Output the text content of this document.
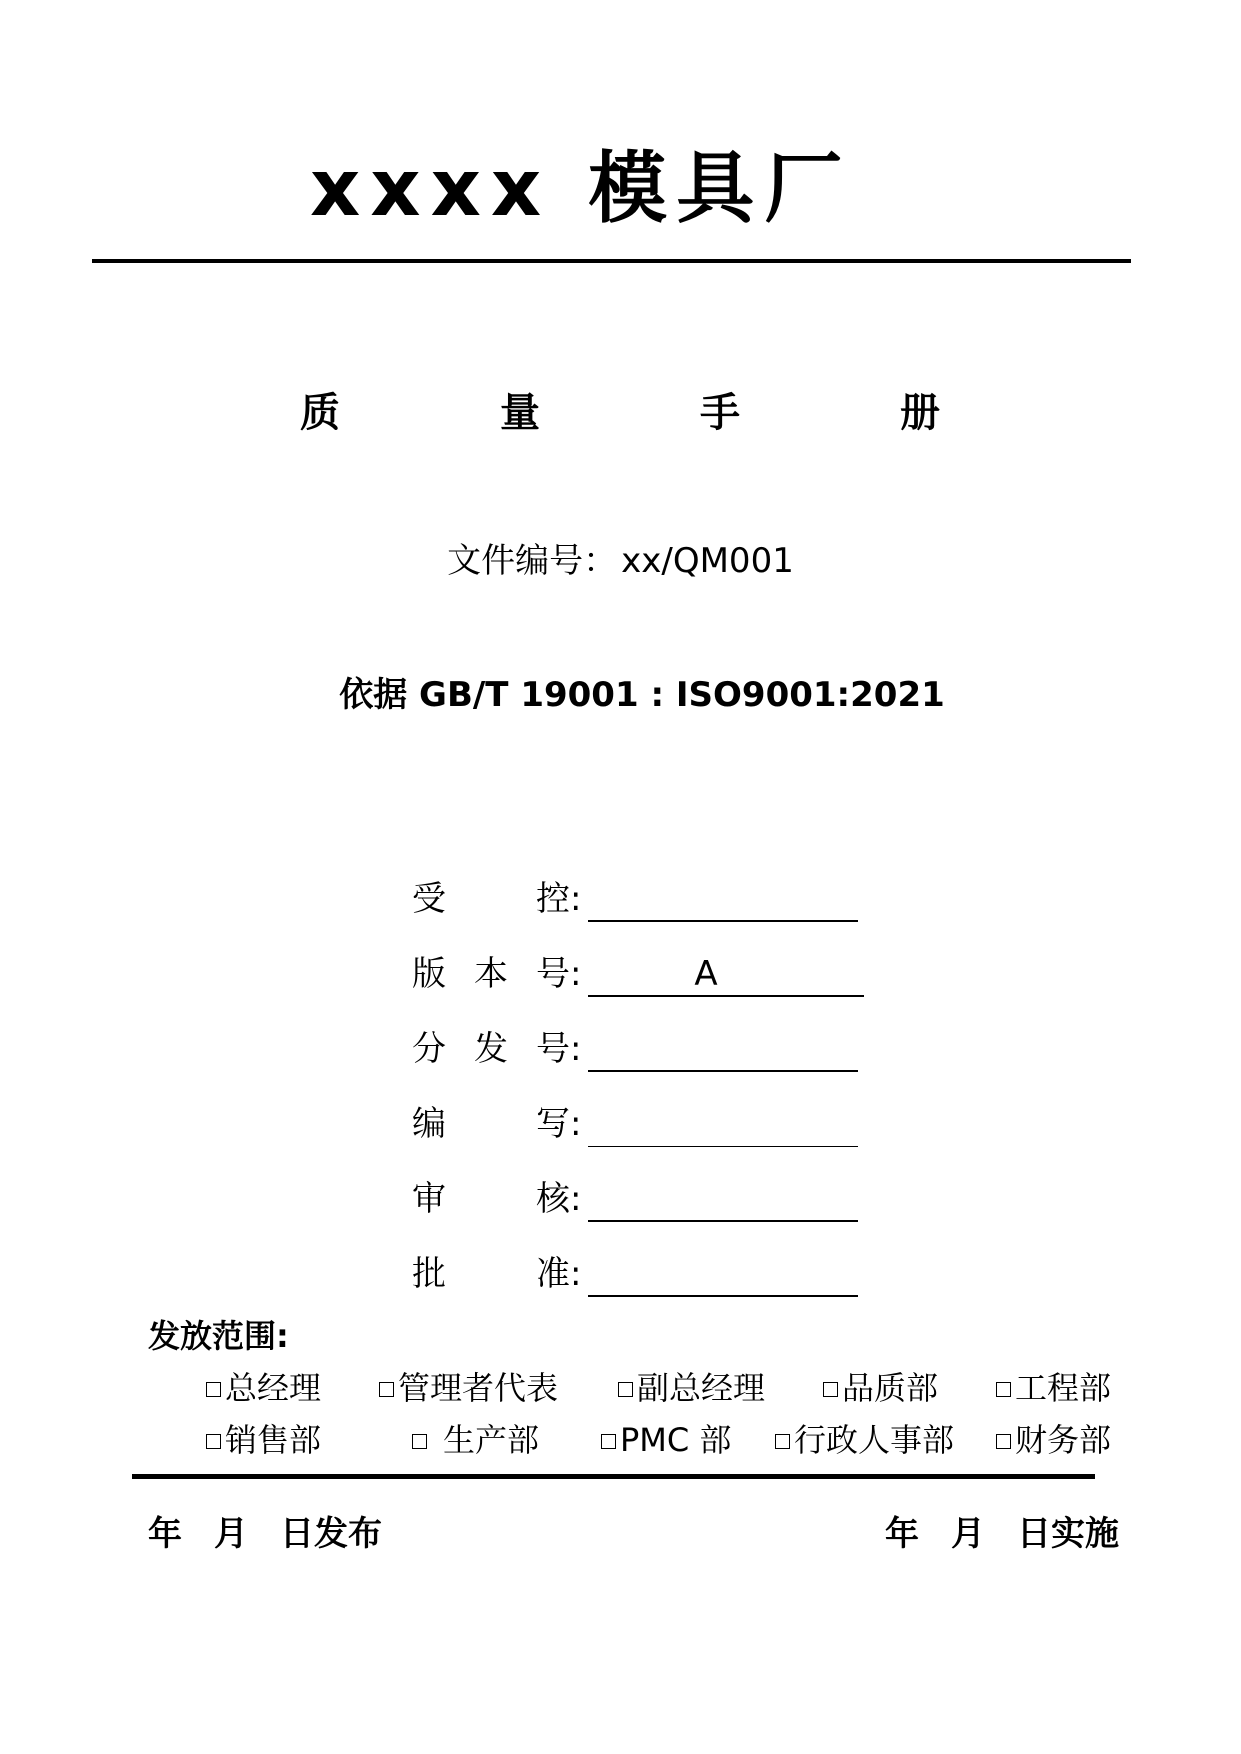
xxxx 模具厂
质	量	手	册
文件编号： xx/QM001
依据 GB/T 19001 : ISO9001:2021
受	控 :
版 本 号 :	A
分 发 号 :
编	写 :
审	核 :
批	准 :
发放范围:
总经理	管理者代表	副总经理	品质部	工程部
销售部	生产部	PMC 部	行政人事部	财务部
年 月 日发布	年 月 日实施
